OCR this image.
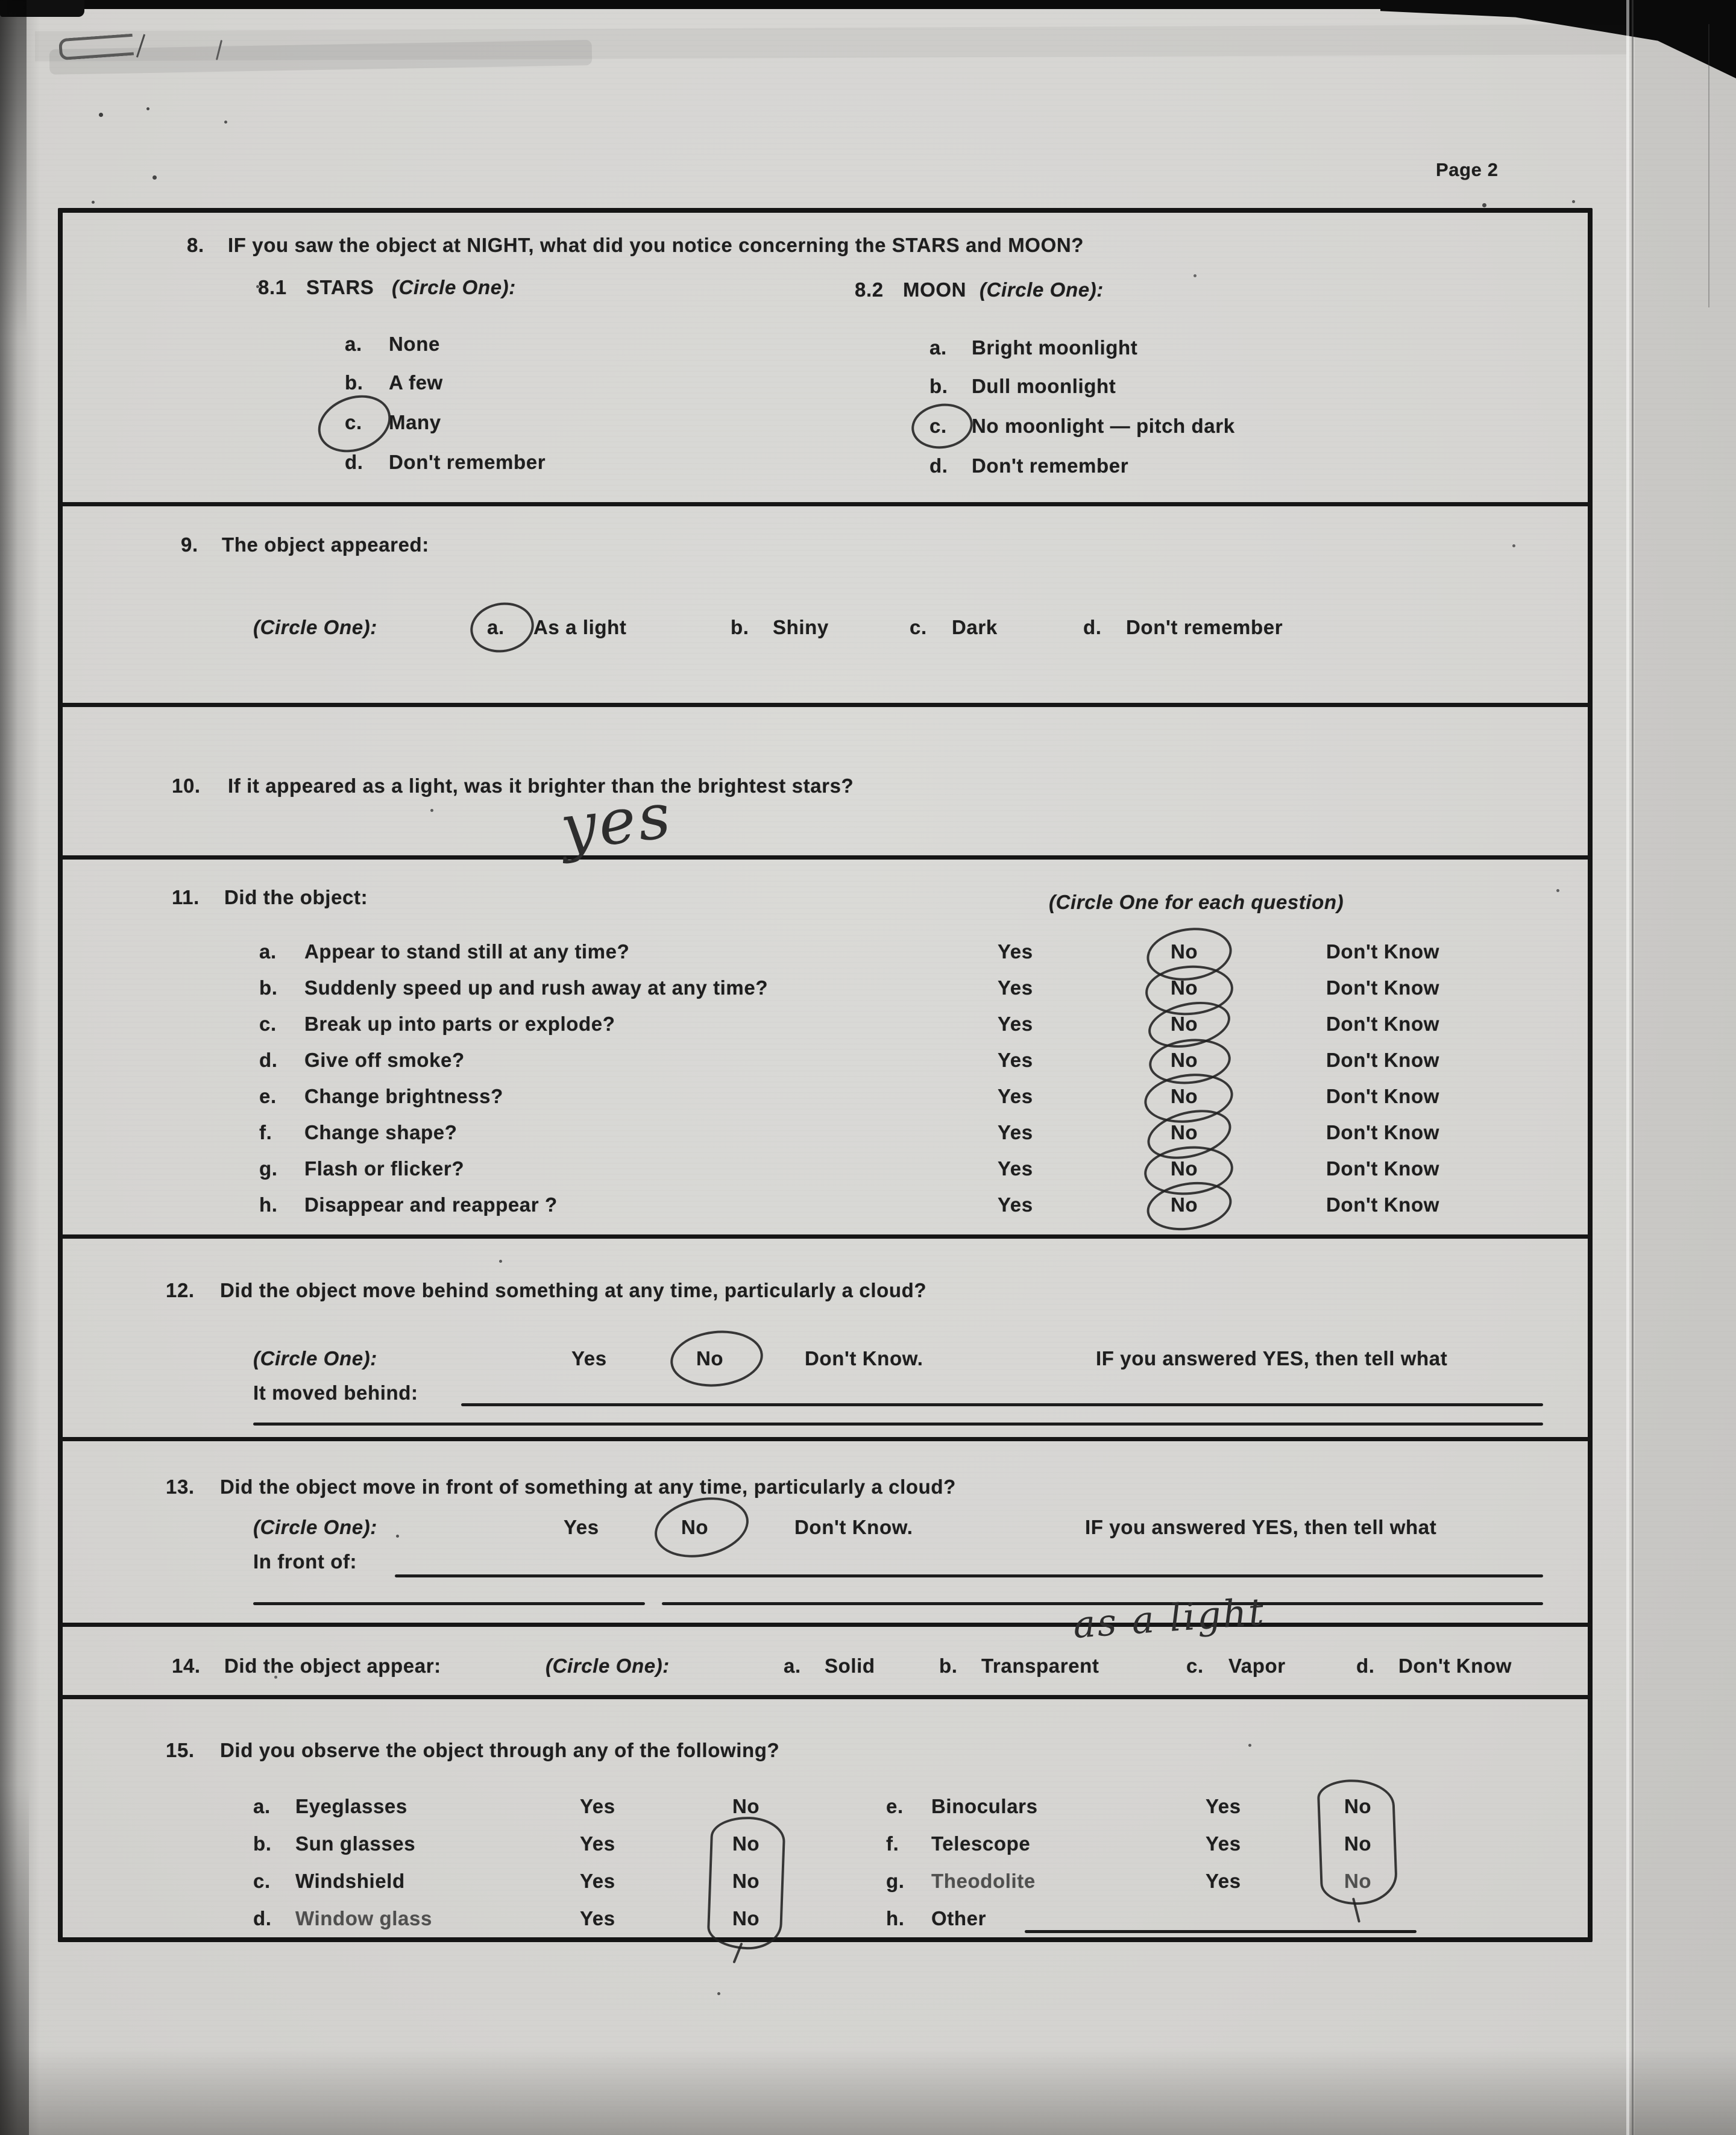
Page 2
8. IF you saw the object at NIGHT, what did you notice concerning the STARS and MOON?
8.1 STARS (Circle One):	8.2 MOON (Circle One):
a. None
b. A few
c. Many
d. Don't remember
a. Bright moonlight
b. Dull moonlight
c. No moonlight — pitch dark
d. Don't remember
9. The object appeared:
(Circle One):	a. As a light	b. Shiny	c. Dark	d. Don't remember
10. If it appeared as a light, was it brighter than the brightest stars?
yes
11. Did the object:	(Circle One for each question)
a. Appear to stand still at any time?	Yes	No	Don't Know
b. Suddenly speed up and rush away at any time?	Yes	No	Don't Know
c. Break up into parts or explode?	Yes	No	Don't Know
d. Give off smoke?	Yes	No	Don't Know
e. Change brightness?	Yes	No	Don't Know
f. Change shape?	Yes	No	Don't Know
g. Flash or flicker?	Yes	No	Don't Know
h. Disappear and reappear ?	Yes	No	Don't Know
12. Did the object move behind something at any time, particularly a cloud?
(Circle One):	Yes	No	Don't Know.	IF you answered YES, then tell what
It moved behind:
13. Did the object move in front of something at any time, particularly a cloud?
(Circle One):	Yes	No	Don't Know.	IF you answered YES, then tell what
In front of:
as a light
14. Did the object appear:	(Circle One):	a. Solid	b. Transparent	c. Vapor	d. Don't Know
15. Did you observe the object through any of the following?
a. Eyeglasses	Yes	No
b. Sun glasses	Yes	No
c. Windshield	Yes	No
d. Window glass	Yes	No
e. Binoculars	Yes	No
f. Telescope	Yes	No
g. Theodolite	Yes	No
h. Other
